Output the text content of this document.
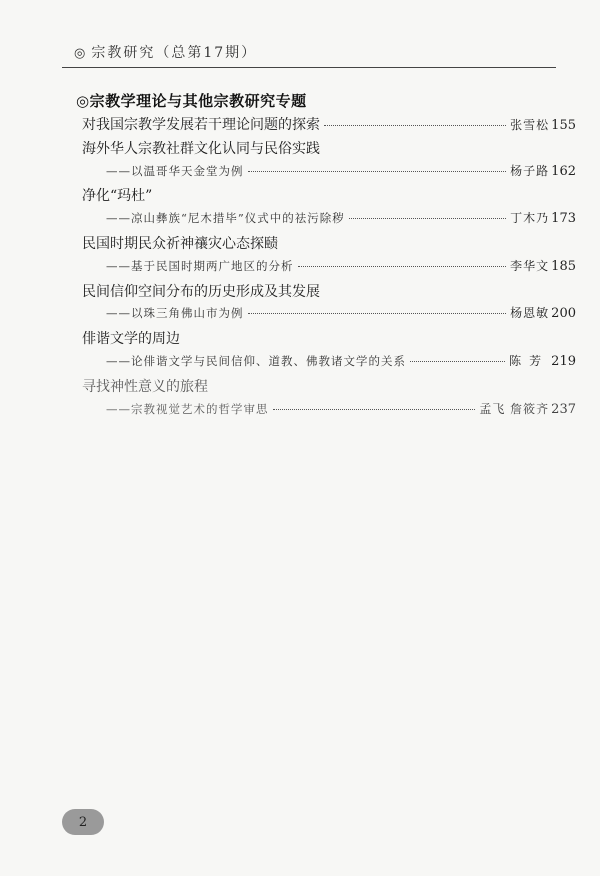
◎ 宗教研究（总第17期）
◎宗教学理论与其他宗教研究专题
对我国宗教学发展若干理论问题的探索	张雪松 155
海外华人宗教社群文化认同与民俗实践
——以温哥华天金堂为例	杨子路 162
净化“玛杜”
——凉山彝族“尼木措毕”仪式中的祛污除秽	丁木乃 173
民国时期民众祈神禳灾心态探赜
——基于民国时期两广地区的分析	李华文 185
民间信仰空间分布的历史形成及其发展
——以珠三角佛山市为例	杨恩敏 200
俳谐文学的周边
——论俳谐文学与民间信仰、道教、佛教诸文学的关系	陈芳 219
寻找神性意义的旅程
——宗教视觉艺术的哲学审思	孟飞 詹筱齐 237
2
